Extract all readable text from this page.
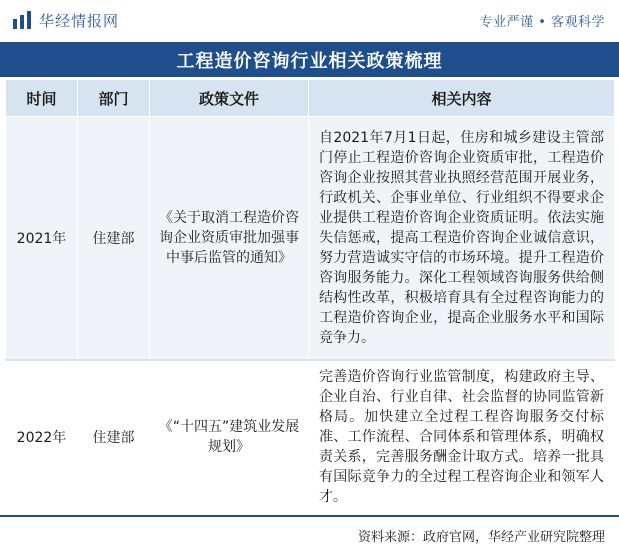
华经情报网	专业严谨 • 客观科学
工程造价咨询行业相关政策梳理
时间	部门	政策文件	相关内容
2021年	住建部	《关于取消工程造价咨询企业资质审批加强事中事后监管的通知》	自2021年7月1日起，住房和城乡建设主管部门停止工程造价咨询企业资质审批，工程造价咨询企业按照其营业执照经营范围开展业务，行政机关、企事业单位、行业组织不得要求企业提供工程造价咨询企业资质证明。依法实施失信惩戒，提高工程造价咨询企业诚信意识，努力营造诚实守信的市场环境。提升工程造价咨询服务能力。深化工程领域咨询服务供给侧结构性改革，积极培育具有全过程咨询能力的工程造价咨询企业，提高企业服务水平和国际竞争力。
2022年	住建部	《“十四五”建筑业发展规划》	完善造价咨询行业监管制度，构建政府主导、企业自治、行业自律、社会监督的协同监管新格局。加快建立全过程工程咨询服务交付标准、工作流程、合同体系和管理体系，明确权责关系，完善服务酬金计取方式。培养一批具有国际竞争力的全过程工程咨询企业和领军人才。
资料来源：政府官网，华经产业研究院整理
